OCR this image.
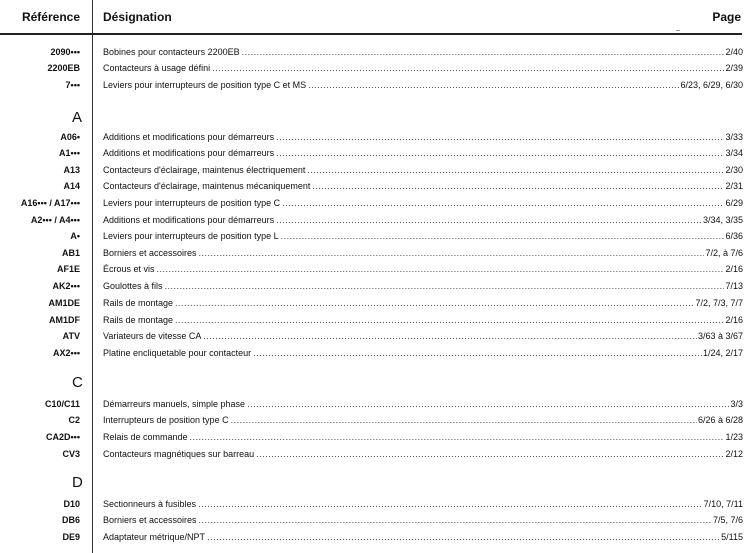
Référence Désignation	Page
2090•••	Bobines pour contacteurs 2200EB .....	2/40
2200EB	Contacteurs à usage défini .....	2/39
7•••	Leviers pour interrupteurs de position type C et MS .....	6/23, 6/29, 6/30
A
A06•	Additions et modifications pour démarreurs .....	3/33
A1•••	Additions et modifications pour démarreurs .....	3/34
A13	Contacteurs d'éclairage, maintenus électriquement .....	2/30
A14	Contacteurs d'éclairage, maintenus mécaniquement .....	2/31
A16••• / A17•••	Leviers pour interrupteurs de position type C .....	6/29
A2••• / A4•••	Additions et modifications pour démarreurs .....	3/34, 3/35
A•	Leviers pour interrupteurs de position type L .....	6/36
AB1	Borniers et accessoires .....	7/2, à 7/6
AF1E	Écrous et vis .....	2/16
AK2•••	Goulottes à fils .....	7/13
AM1DE	Rails de montage .....	7/2, 7/3, 7/7
AM1DF	Rails de montage .....	2/16
ATV	Variateurs de vitesse CA .....	3/63 à 3/67
AX2•••	Platine encliquetable pour contacteur .....	1/24, 2/17
C
C10/C11	Démarreurs manuels, simple phase .....	3/3
C2	Interrupteurs de position type C .....	6/26 à 6/28
CA2D•••	Relais de commande .....	1/23
CV3	Contacteurs magnétiques sur barreau .....	2/12
D
D10	Sectionneurs à fusibles .....	7/10, 7/11
DB6	Borniers et accessoires .....	7/5, 7/6
DE9	Adaptateur métrique/NPT .....	5/115
